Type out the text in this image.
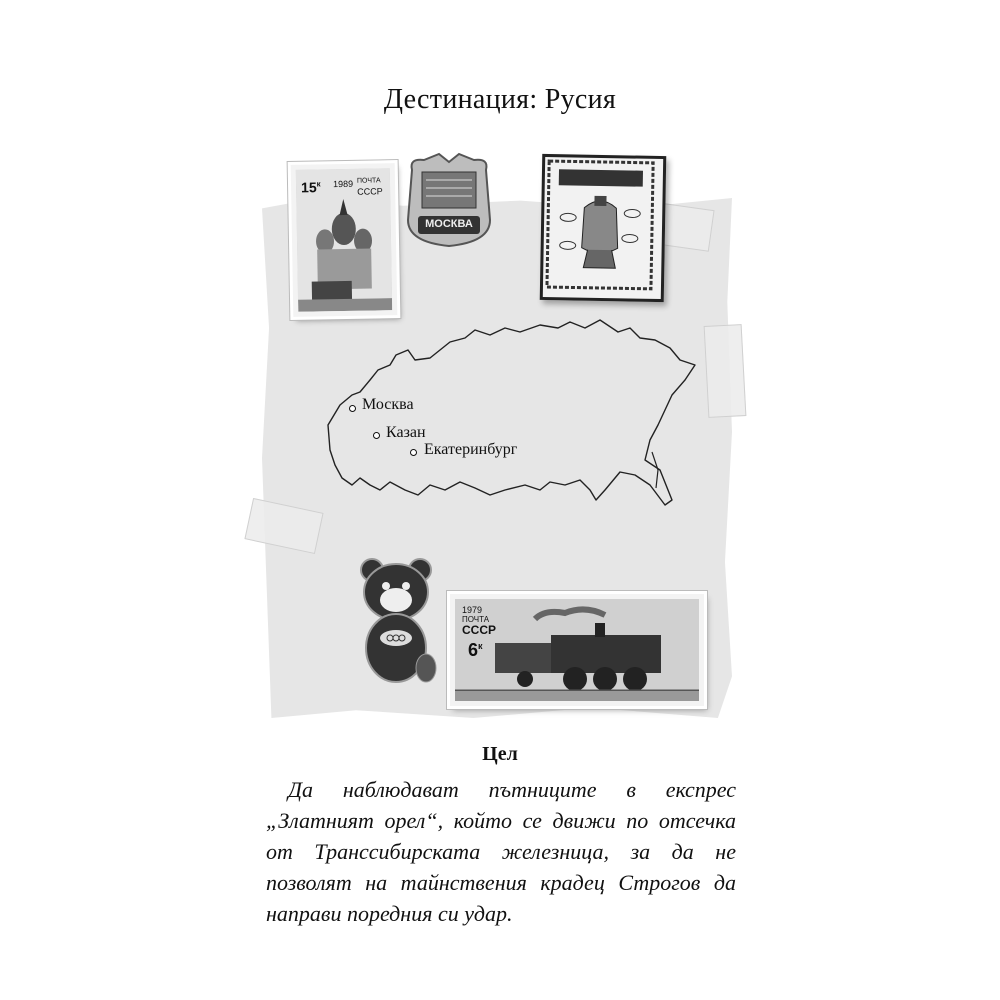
Дестинация: Русия
Москва
Казан
Екатеринбург
$15^к$ 1989 ПОЧТА
СССР
МОСКВА
1979
ПОЧТА
СССР
$6^к$
Цел
Да наблюдават пътниците в експрес „Златният орел“, който се движи по отсечка от Транссибирската железница, за да не позволят на тайнствения крадец Строгов да направи поредния си удар.
